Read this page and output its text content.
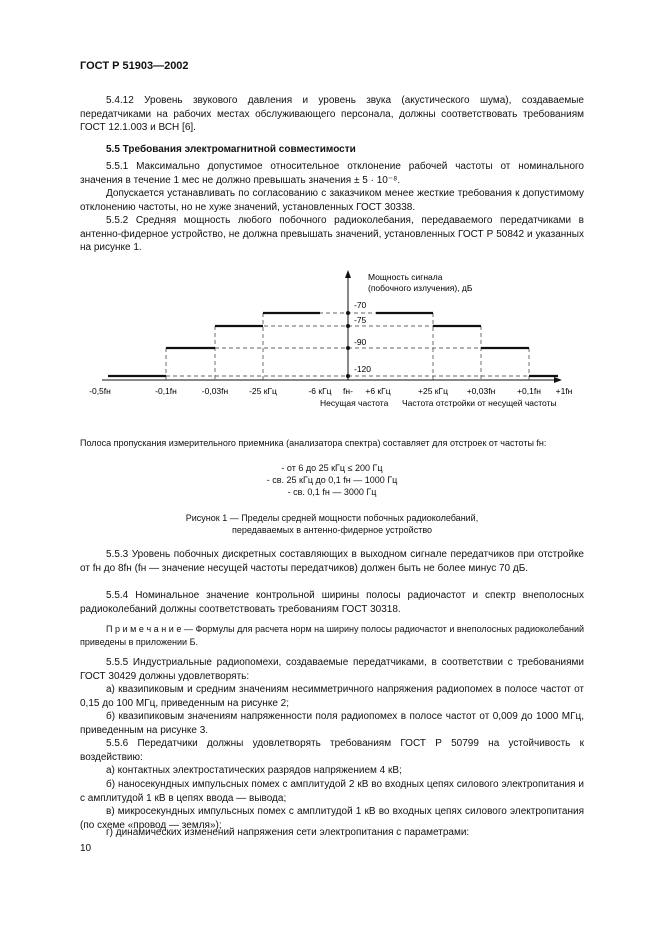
ГОСТ Р 51903—2002
5.4.12 Уровень звукового давления и уровень звука (акустического шума), создаваемые передатчиками на рабочих местах обслуживающего персонала, должны соответствовать требованиям ГОСТ 12.1.003 и ВСН [6].
5.5 Требования электромагнитной совместимости
5.5.1 Максимально допустимое относительное отклонение рабочей частоты от номинального значения в течение 1 мес не должно превышать значения ± 5 · 10⁻⁸.
Допускается устанавливать по согласованию с заказчиком менее жесткие требования к допустимому отклонению частоты, но не хуже значений, установленных ГОСТ 30338.
5.5.2 Средняя мощность любого побочного радиоколебания, передаваемого передатчиками в антенно-фидерное устройство, не должна превышать значений, установленных ГОСТ Р 50842 и указанных на рисунке 1.
Мощность сигнала
(побочного излучения), дБ
-70
-75
-90
-120
-0,5fн	-0,1fн	-0,03fн -25 кГц	-6 кГц fн- +6 кГц	+25 кГц +0,03fн	+0,1fн +1fн
Несущая частота Частота отстройки от несущей частоты
Полоса пропускания измерительного приемника (анализатора спектра) составляет для отстроек от частоты fн:
- от 6 до 25 кГц ≤ 200 Гц
- св. 25 кГц до 0,1 fн — 1000 Гц
- св. 0,1 fн — 3000 Гц
Рисунок 1 — Пределы средней мощности побочных радиоколебаний,
передаваемых в антенно-фидерное устройство
5.5.3 Уровень побочных дискретных составляющих в выходном сигнале передатчиков при отстройке от fн до 8fн (fн — значение несущей частоты передатчиков) должен быть не более минус 70 дБ.
5.5.4 Номинальное значение контрольной ширины полосы радиочастот и спектр внеполосных радиоколебаний должны соответствовать требованиям ГОСТ 30318.
П р и м е ч а н и е — Формулы для расчета норм на ширину полосы радиочастот и внеполосных радиоколебаний приведены в приложении Б.
5.5.5 Индустриальные радиопомехи, создаваемые передатчиками, в соответствии с требованиями ГОСТ 30429 должны удовлетворять:
а) квазипиковым и средним значениям несимметричного напряжения радиопомех в полосе частот от 0,15 до 100 МГц, приведенным на рисунке 2;
б) квазипиковым значениям напряженности поля радиопомех в полосе частот от 0,009 до 1000 МГц, приведенным на рисунке 3.
5.5.6 Передатчики должны удовлетворять требованиям ГОСТ Р 50799 на устойчивость к воздействию:
а) контактных электростатических разрядов напряжением 4 кВ;
б) наносекундных импульсных помех с амплитудой 2 кВ во входных цепях силового электропитания и с амплитудой 1 кВ в цепях ввода — вывода;
в) микросекундных импульсных помех с амплитудой 1 кВ во входных цепях силового электропитания (по схеме «провод — земля»);
г) динамических изменений напряжения сети электропитания с параметрами:
10
